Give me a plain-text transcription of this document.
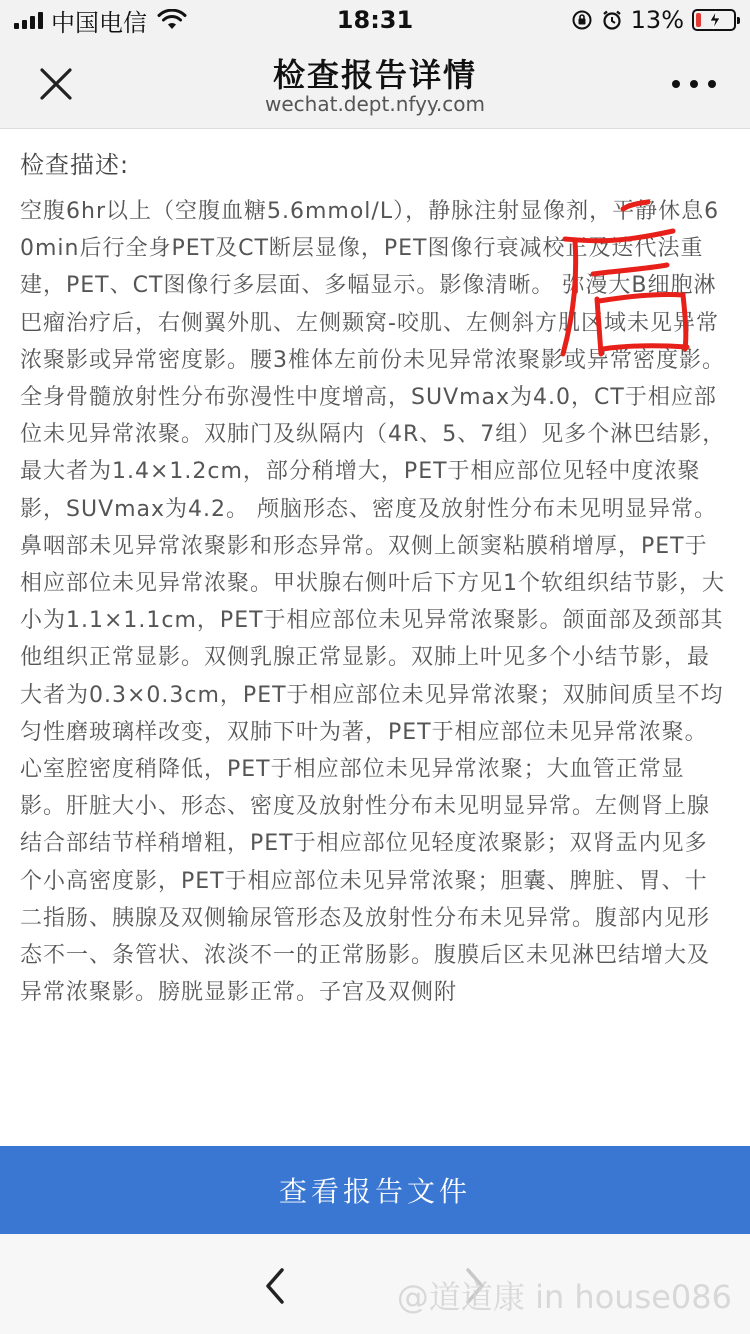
中国电信	18:31	13%
检查报告详情
wechat.dept.nfyy.com
检查描述:

空腹6hr以上（空腹血糖5.6mmol/L），静脉注射显像剂，平静休息60min后行全身PET及CT断层显像，PET图像行衰减校正及迭代法重建，PET、CT图像行多层面、多幅显示。影像清晰。 弥漫大B细胞淋巴瘤治疗后，右侧翼外肌、左侧颞窝-咬肌、左侧斜方肌区域未见异常浓聚影或异常密度影。腰3椎体左前份未见异常浓聚影或异常密度影。全身骨髓放射性分布弥漫性中度增高，SUVmax为4.0，CT于相应部位未见异常浓聚。双肺门及纵隔内（4R、5、7组）见多个淋巴结影，最大者为1.4×1.2cm，部分稍增大，PET于相应部位见轻中度浓聚影，SUVmax为4.2。 颅脑形态、密度及放射性分布未见明显异常。鼻咽部未见异常浓聚影和形态异常。双侧上颌窦粘膜稍增厚，PET于相应部位未见异常浓聚。甲状腺右侧叶后下方见1个软组织结节影，大小为1.1×1.1cm，PET于相应部位未见异常浓聚影。颌面部及颈部其他组织正常显影。双侧乳腺正常显影。双肺上叶见多个小结节影，最大者为0.3×0.3cm，PET于相应部位未见异常浓聚；双肺间质呈不均匀性磨玻璃样改变，双肺下叶为著，PET于相应部位未见异常浓聚。心室腔密度稍降低，PET于相应部位未见异常浓聚；大血管正常显影。肝脏大小、形态、密度及放射性分布未见明显异常。左侧肾上腺结合部结节样稍增粗，PET于相应部位见轻度浓聚影；双肾盂内见多个小高密度影，PET于相应部位未见异常浓聚；胆囊、脾脏、胃、十二指肠、胰腺及双侧输尿管形态及放射性分布未见异常。腹部内见形态不一、条管状、浓淡不一的正常肠影。腹膜后区未见淋巴结增大及异常浓聚影。膀胱显影正常。子宫及双侧附

查看报告文件
@道道康 in house086
